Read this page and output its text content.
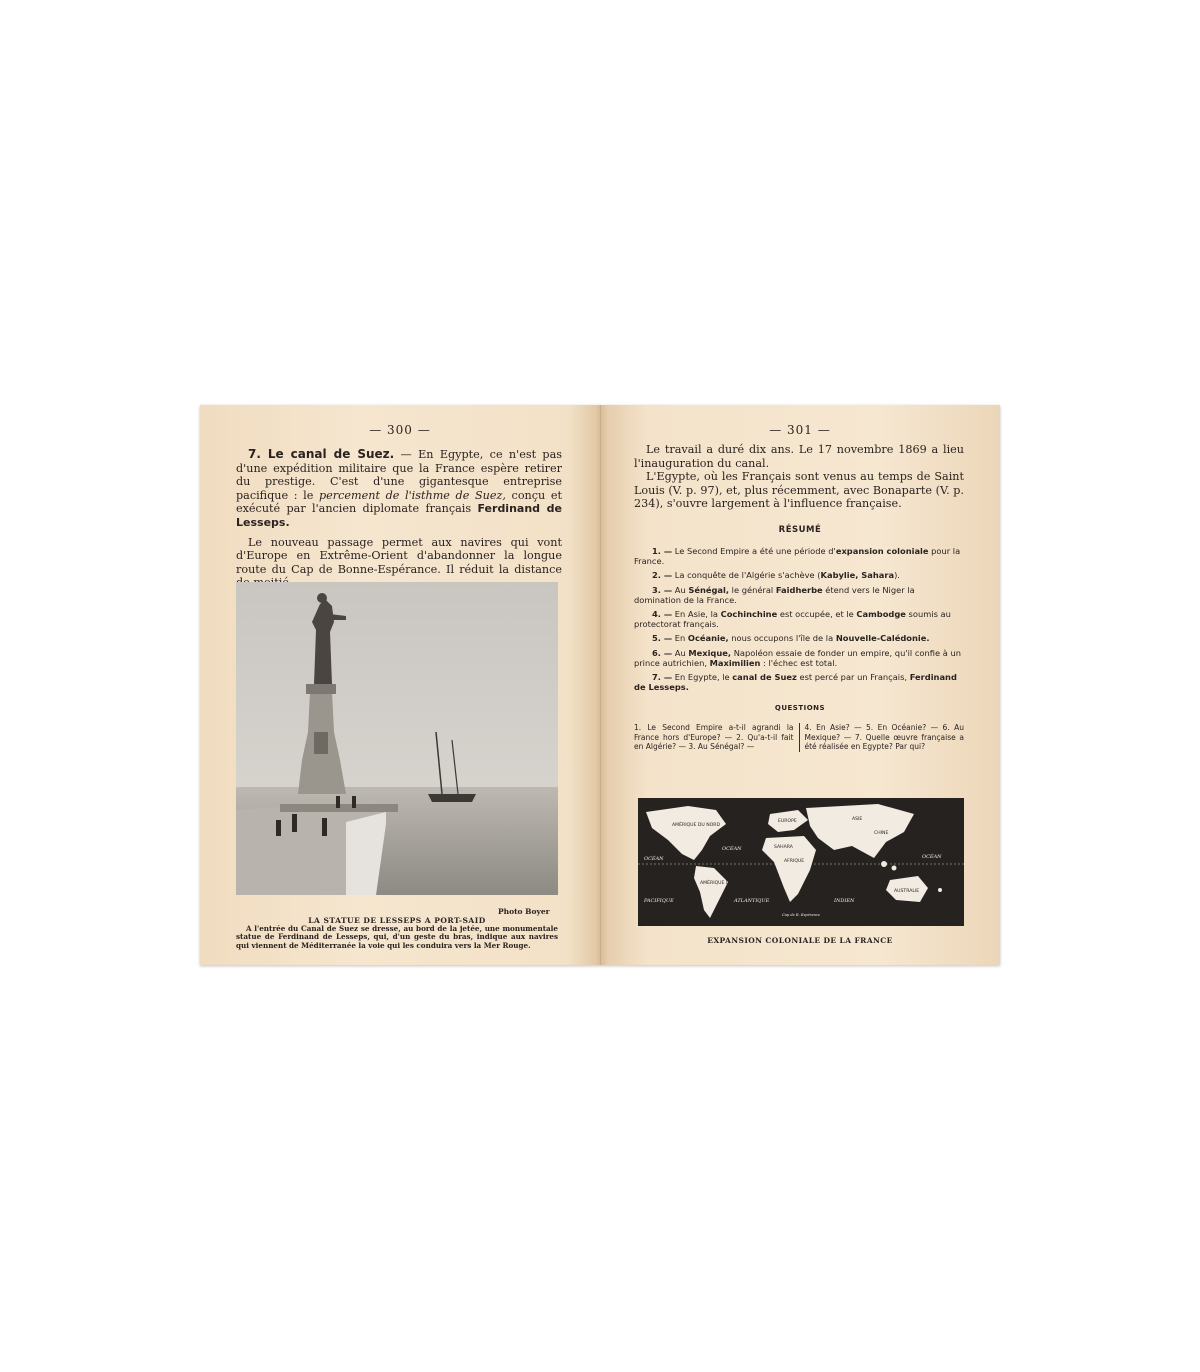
— 300 —

7. Le canal de Suez. — En Egypte, ce n'est pas d'une expédition militaire que la France espère retirer du prestige. C'est d'une gigantesque entreprise pacifique : le percement de l'isthme de Suez, conçu et exécuté par l'ancien diplomate français Ferdinand de Lesseps.

Le nouveau passage permet aux navires qui vont d'Europe en Extrême-Orient d'abandonner la longue route du Cap de Bonne-Espérance. Il réduit la distance

Photo Boyer
LA STATUE DE LESSEPS A PORT-SAID
A l'entrée du Canal de Suez se dresse, au bord de la jetée, une monumentale statue de Ferdinand de Lesseps, qui, d'un geste du bras, indique aux navires qui viennent de Méditerranée la voie qui les conduira vers la Mer Rouge.
— 301 —

Le travail a duré dix ans. Le 17 novembre 1869 a lieu l'inauguration du canal.

L'Egypte, où les Français sont venus au temps de Saint Louis (V. p. 97), et, plus récemment, avec Bonaparte (V. p. 234), s'ouvre largement à l'influence française.

RÉSUMÉ
1. — Le Second Empire a été une période d'expansion coloniale pour la France.
2. — La conquête de l'Algérie s'achève (Kabylie, Sahara).
3. — Au Sénégal, le général Faidherbe étend vers le Niger la domination de la France.
4. — En Asie, la Cochinchine est occupée, et le Cambodge soumis au protectorat français.
5. — En Océanie, nous occupons l'île de la Nouvelle-Calédonie.
6. — Au Mexique, Napoléon essaie de fonder un empire, qu'il confie à un prince autrichien, Maximilien : l'échec est total.
7. — En Egypte, le canal de Suez est percé par un Français, Ferdinand de Lesseps.
QUESTIONS
1. Le Second Empire a-t-il agrandi la France hors d'Europe? — 2. Qu'a-t-il fait en Algérie? — 3. Au Sénégal? —
4. En Asie? — 5. En Océanie? — 6. Au Mexique? — 7. Quelle œuvre française a été réalisée en Egypte? Par qui?
AMÉRIQUE DU NORD
EUROPE	ASIE
CHINE
SAHARA
AFRIQUE
AMÉRIQUE DU SUD
AUSTRALIE
OCÉAN
OCÉAN
OCÉAN
PACIFIQUE	ATLANTIQUE	INDIEN
Cap de B. Espérance
EXPANSION COLONIALE DE LA FRANCE
